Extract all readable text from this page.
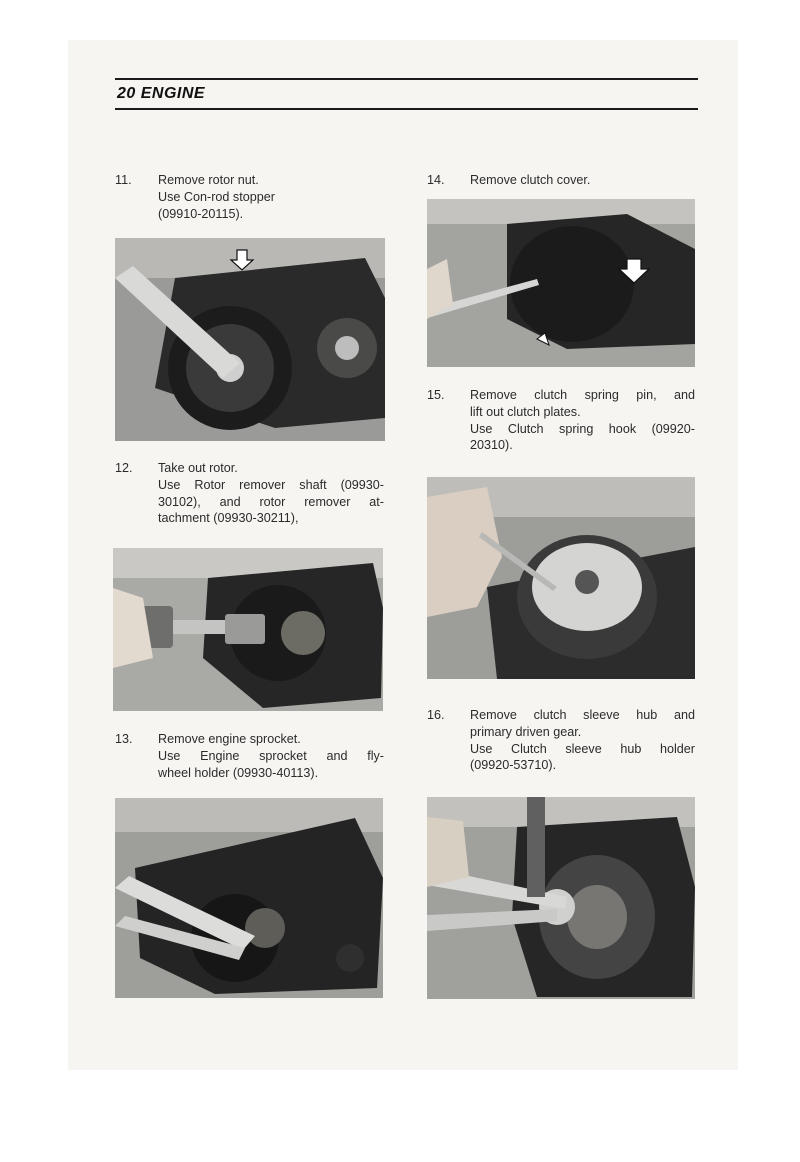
20 ENGINE
11. Remove rotor nut.
Use Con-rod stopper
(09910-20115).
12. Take out rotor.
Use Rotor remover shaft (09930-
30102), and rotor remover at-
tachment (09930-30211),
13. Remove engine sprocket.
Use Engine sprocket and fly-
wheel holder (09930-40113).
14. Remove clutch cover.
15. Remove clutch spring pin, and
lift out clutch plates.
Use Clutch spring hook (09920-
20310).
16. Remove clutch sleeve hub and
primary driven gear.
Use Clutch sleeve hub holder
(09920-53710).
